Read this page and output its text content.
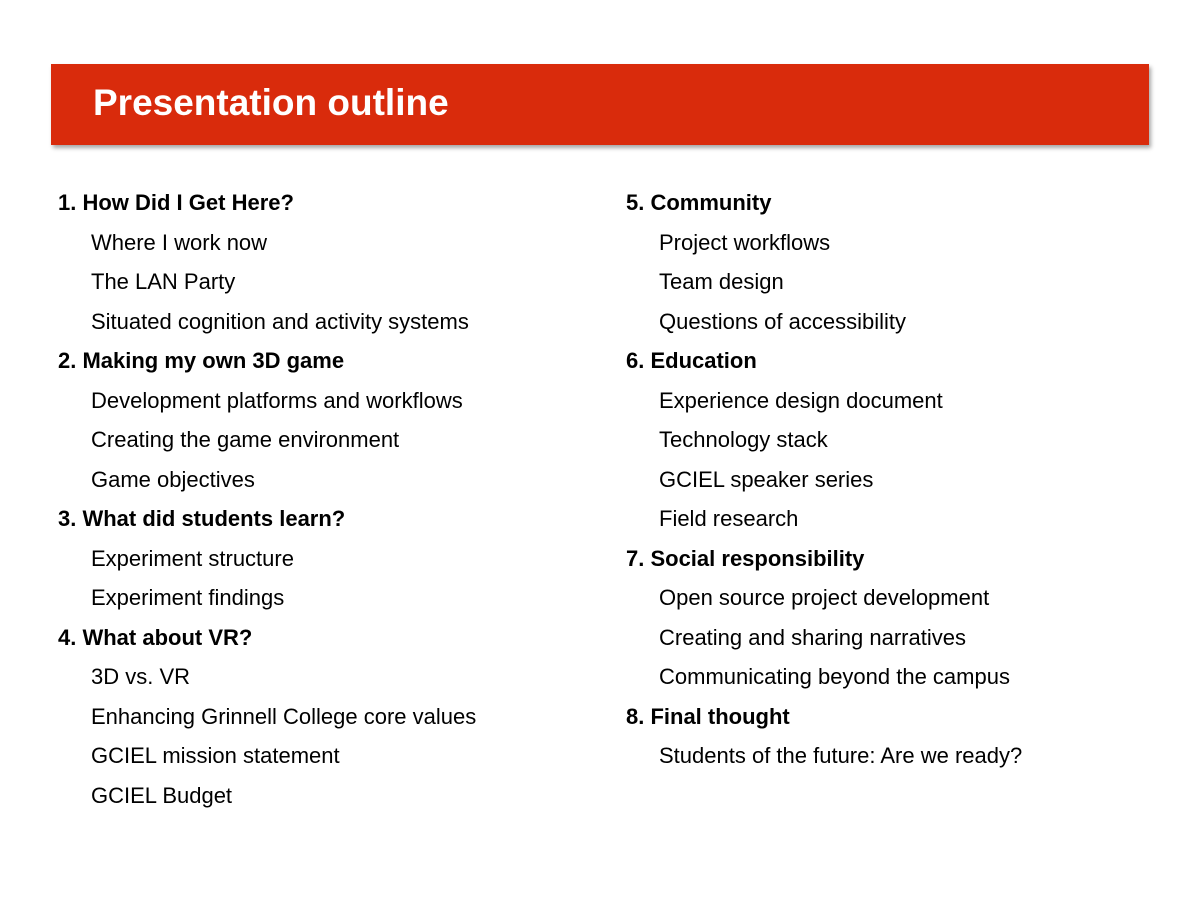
Presentation outline
1. How Did I Get Here?
Where I work now
The LAN Party
Situated cognition and activity systems
2. Making my own 3D game
Development platforms and workflows
Creating the game environment
Game objectives
3. What did students learn?
Experiment structure
Experiment findings
4. What about VR?
3D vs. VR
Enhancing Grinnell College core values
GCIEL mission statement
GCIEL Budget
5. Community
Project workflows
Team design
Questions of accessibility
6. Education
Experience design document
Technology stack
GCIEL speaker series
Field research
7. Social responsibility
Open source project development
Creating and sharing narratives
Communicating beyond the campus
8. Final thought
Students of the future: Are we ready?
